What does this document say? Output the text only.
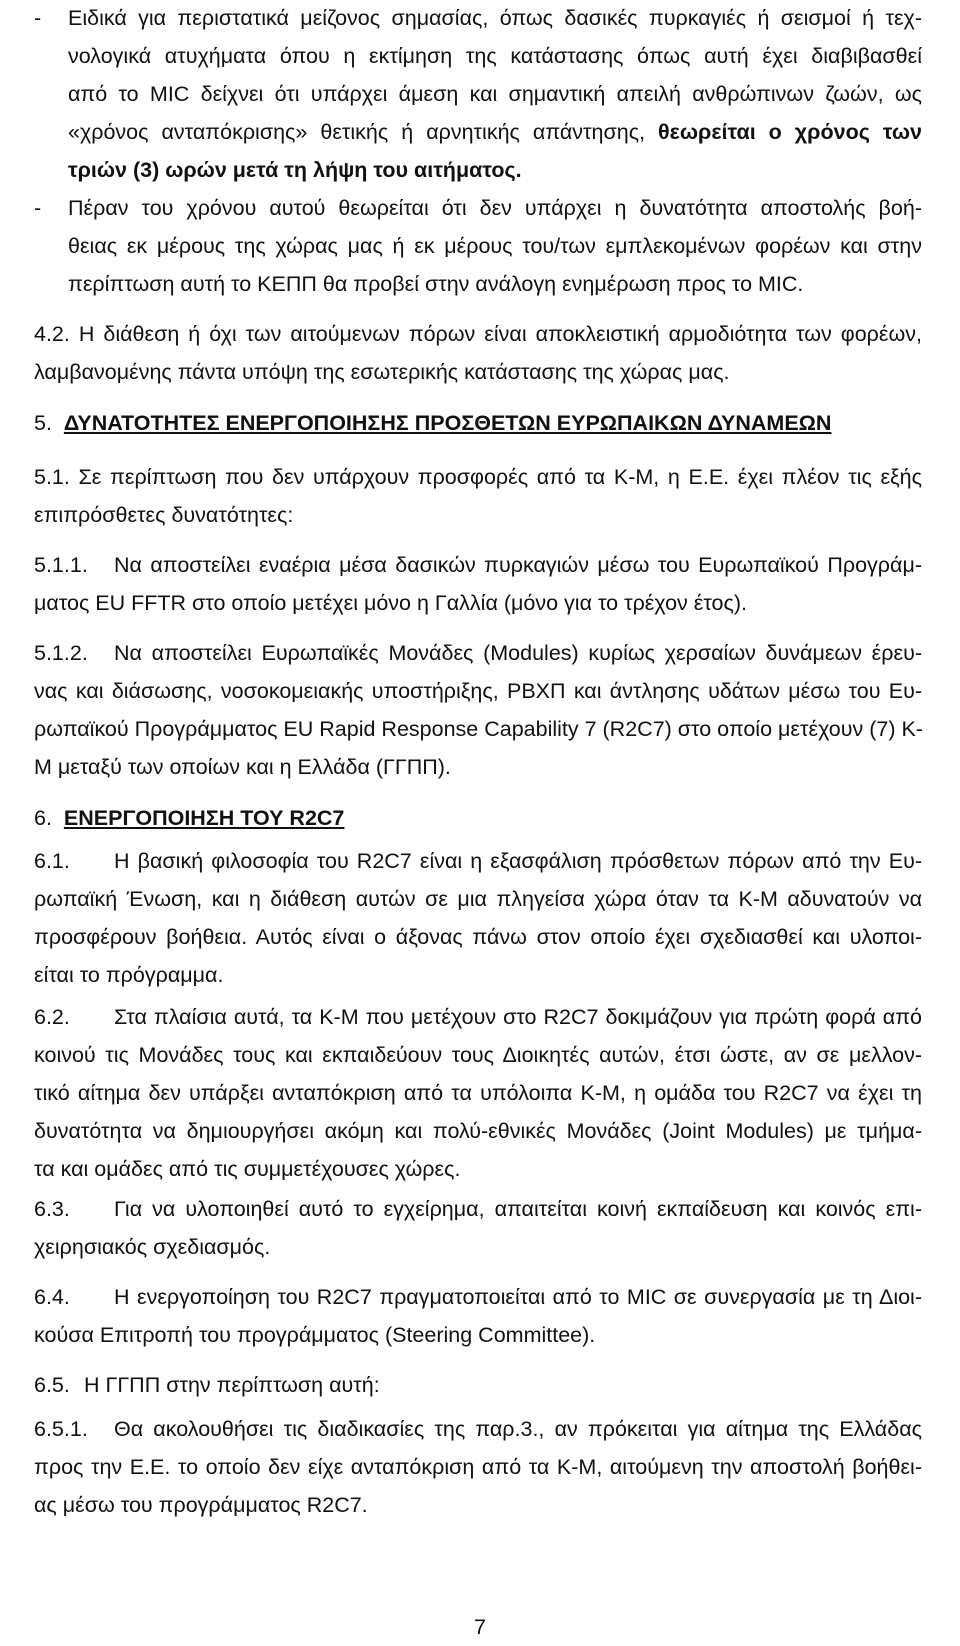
-	Ειδικά για περιστατικά μείζονος σημασίας, όπως δασικές πυρκαγιές ή σεισμοί ή τεχ-
νολογικά ατυχήματα όπου η εκτίμηση της κατάστασης όπως αυτή έχει διαβιβασθεί
από το MIC δείχνει ότι υπάρχει άμεση και σημαντική απειλή ανθρώπινων ζωών, ως
«χρόνος ανταπόκρισης» θετικής ή αρνητικής απάντησης, θεωρείται ο χρόνος των
τριών (3) ωρών μετά τη λήψη του αιτήματος.
-	Πέραν του χρόνου αυτού θεωρείται ότι δεν υπάρχει η δυνατότητα αποστολής βοή-
θειας εκ μέρους της χώρας μας ή εκ μέρους του/των εμπλεκομένων φορέων και στην
περίπτωση αυτή το ΚΕΠΠ θα προβεί στην ανάλογη ενημέρωση προς το MIC.
4.2. Η διάθεση ή όχι των αιτούμενων πόρων είναι αποκλειστική αρμοδιότητα των φορέων,
λαμβανομένης πάντα υπόψη της εσωτερικής κατάστασης της χώρας μας.
5. ΔΥΝΑΤΟΤΗΤΕΣ ΕΝΕΡΓΟΠΟΙΗΣΗΣ ΠΡΟΣΘΕΤΩΝ ΕΥΡΩΠΑΙΚΩΝ ΔΥΝΑΜΕΩΝ
5.1. Σε περίπτωση που δεν υπάρχουν προσφορές από τα Κ-Μ, η Ε.Ε. έχει πλέον τις εξής
επιπρόσθετες δυνατότητες:
5.1.1.	Να αποστείλει εναέρια μέσα δασικών πυρκαγιών μέσω του Ευρωπαϊκού Προγράμ-
ματος EU FFTR στο οποίο μετέχει μόνο η Γαλλία (μόνο για το τρέχον έτος).
5.1.2.	Να αποστείλει Ευρωπαϊκές Μονάδες (Modules) κυρίως χερσαίων δυνάμεων έρευ-
νας και διάσωσης, νοσοκομειακής υποστήριξης, ΡΒΧΠ και άντλησης υδάτων μέσω του Ευ-
ρωπαϊκού Προγράμματος EU Rapid Response Capability 7 (R2C7) στο οποίο μετέχουν (7) Κ-
Μ μεταξύ των οποίων και η Ελλάδα (ΓΓΠΠ).
6. ΕΝΕΡΓΟΠΟΙΗΣΗ ΤΟΥ R2C7
6.1.	Η βασική φιλοσοφία του R2C7 είναι η εξασφάλιση πρόσθετων πόρων από την Ευ-
ρωπαϊκή Ένωση, και η διάθεση αυτών σε μια πληγείσα χώρα όταν τα Κ-Μ αδυνατούν να
προσφέρουν βοήθεια. Αυτός είναι ο άξονας πάνω στον οποίο έχει σχεδιασθεί και υλοποι-
είται το πρόγραμμα.
6.2.	Στα πλαίσια αυτά, τα Κ-Μ που μετέχουν στο R2C7 δοκιμάζουν για πρώτη φορά από
κοινού τις Μονάδες τους και εκπαιδεύουν τους Διοικητές αυτών, έτσι ώστε, αν σε μελλον-
τικό αίτημα δεν υπάρξει ανταπόκριση από τα υπόλοιπα Κ-Μ, η ομάδα του R2C7 να έχει τη
δυνατότητα να δημιουργήσει ακόμη και πολύ-εθνικές Μονάδες (Joint Modules) με τμήμα-
τα και ομάδες από τις συμμετέχουσες χώρες.
6.3.	Για να υλοποιηθεί αυτό το εγχείρημα, απαιτείται κοινή εκπαίδευση και κοινός επι-
χειρησιακός σχεδιασμός.
6.4.	Η ενεργοποίηση του R2C7 πραγματοποιείται από το MIC σε συνεργασία με τη Διοι-
κούσα Επιτροπή του προγράμματος (Steering Committee).
6.5. Η ΓΓΠΠ στην περίπτωση αυτή:
6.5.1.	Θα ακολουθήσει τις διαδικασίες της παρ.3., αν πρόκειται για αίτημα της Ελλάδας
προς την Ε.Ε. το οποίο δεν είχε ανταπόκριση από τα Κ-Μ, αιτούμενη την αποστολή βοήθει-
ας μέσω του προγράμματος R2C7.
7
